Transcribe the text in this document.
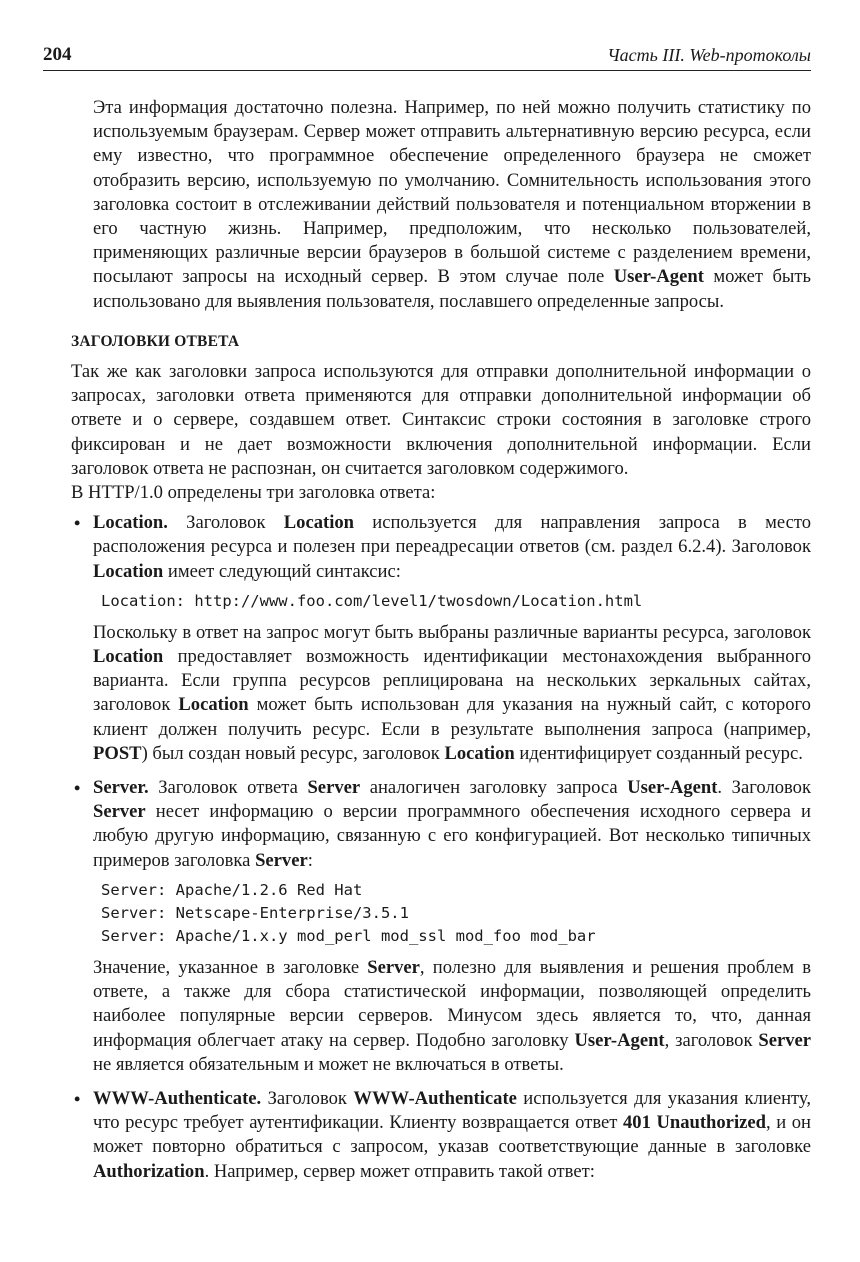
204	Часть III. Web-протоколы

Эта информация достаточно полезна. Например, по ней можно получить статистику по используемым браузерам. Сервер может отправить альтернативную версию ресурса, если ему известно, что программное обеспечение определенного браузера не сможет отобразить версию, используемую по умолчанию. Сомнительность использования этого заголовка состоит в отслеживании действий пользователя и потенциальном вторжении в его частную жизнь. Например, предположим, что несколько пользователей, применяющих различные версии браузеров в большой системе с разделением времени, посылают запросы на исходный сервер. В этом случае поле User-Agent может быть использовано для выявления пользователя, пославшего определенные запросы.

ЗАГОЛОВКИ ОТВЕТА

Так же как заголовки запроса используются для отправки дополнительной информации о запросах, заголовки ответа применяются для отправки дополнительной информации об ответе и о сервере, создавшем ответ. Синтаксис строки состояния в заголовке строго фиксирован и не дает возможности включения дополнительной информации. Если заголовок ответа не распознан, он считается заголовком содержимого.

В HTTP/1.0 определены три заголовка ответа:

• Location. Заголовок Location используется для направления запроса в место расположения ресурса и полезен при переадресации ответов (см. раздел 6.2.4). Заголовок Location имеет следующий синтаксис:

Location: http://www.foo.com/level1/twosdown/Location.html

Поскольку в ответ на запрос могут быть выбраны различные варианты ресурса, заголовок Location предоставляет возможность идентификации местонахождения выбранного варианта. Если группа ресурсов реплицирована на нескольких зеркальных сайтах, заголовок Location может быть использован для указания на нужный сайт, с которого клиент должен получить ресурс. Если в результате выполнения запроса (например, POST) был создан новый ресурс, заголовок Location идентифицирует созданный ресурс.

• Server. Заголовок ответа Server аналогичен заголовку запроса User-Agent. Заголовок Server несет информацию о версии программного обеспечения исходного сервера и любую другую информацию, связанную с его конфигурацией. Вот несколько типичных примеров заголовка Server:

Server: Apache/1.2.6 Red Hat
Server: Netscape-Enterprise/3.5.1
Server: Apache/1.x.y mod_perl mod_ssl mod_foo mod_bar

Значение, указанное в заголовке Server, полезно для выявления и решения проблем в ответе, а также для сбора статистической информации, позволяющей определить наиболее популярные версии серверов. Минусом здесь является то, что, данная информация облегчает атаку на сервер. Подобно заголовку User-Agent, заголовок Server не является обязательным и может не включаться в ответы.

• WWW-Authenticate. Заголовок WWW-Authenticate используется для указания клиенту, что ресурс требует аутентификации. Клиенту возвращается ответ 401 Unauthorized, и он может повторно обратиться с запросом, указав соответствующие данные в заголовке Authorization. Например, сервер может отправить такой ответ:
